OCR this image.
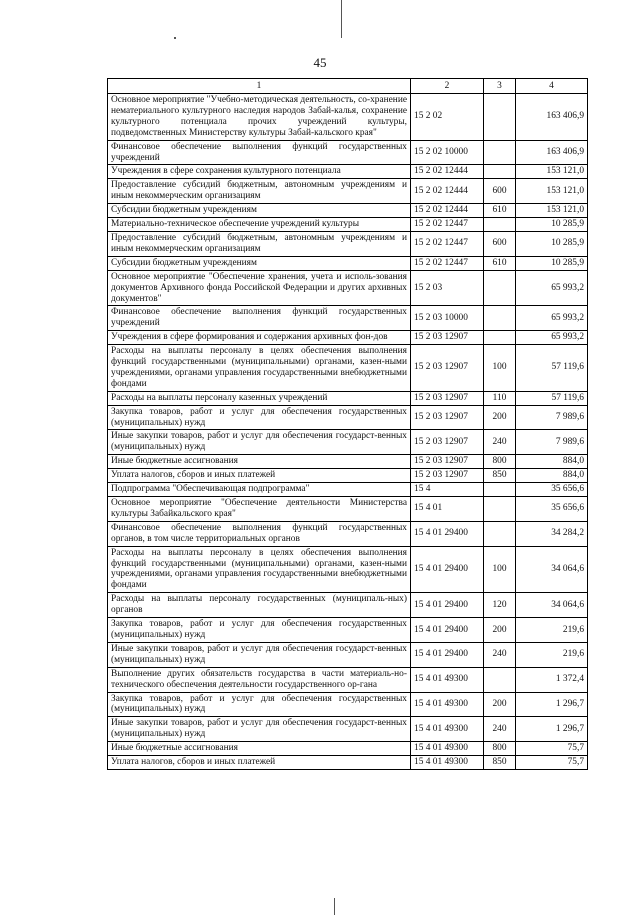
45
1	2	3	4
Основное мероприятие "Учебно-методическая деятельность, со-хранение нематериального культурного наследия народов Забай-калья, сохранение культурного потенциала прочих учреждений культуры, подведомственных Министерству культуры Забай-кальского края"	15 2 02		163 406,9
Финансовое обеспечение выполнения функций государственных учреждений	15 2 02 10000		163 406,9
Учреждения в сфере сохранения культурного потенциала	15 2 02 12444		153 121,0
Предоставление субсидий бюджетным, автономным учреждениям и иным некоммерческим организациям	15 2 02 12444	600	153 121,0
Субсидии бюджетным учреждениям	15 2 02 12444	610	153 121,0
Материально-техническое обеспечение учреждений культуры	15 2 02 12447		10 285,9
Предоставление субсидий бюджетным, автономным учреждениям и иным некоммерческим организациям	15 2 02 12447	600	10 285,9
Субсидии бюджетным учреждениям	15 2 02 12447	610	10 285,9
Основное мероприятие "Обеспечение хранения, учета и исполь-зования документов Архивного фонда Российской Федерации и других архивных документов"	15 2 03		65 993,2
Финансовое обеспечение выполнения функций государственных учреждений	15 2 03 10000		65 993,2
Учреждения в сфере формирования и содержания архивных фон-дов	15 2 03 12907		65 993,2
Расходы на выплаты персоналу в целях обеспечения выполнения функций государственными (муниципальными) органами, казен-ными учреждениями, органами управления государственными внебюджетными фондами	15 2 03 12907	100	57 119,6
Расходы на выплаты персоналу казенных учреждений	15 2 03 12907	110	57 119,6
Закупка товаров, работ и услуг для обеспечения государственных (муниципальных) нужд	15 2 03 12907	200	7 989,6
Иные закупки товаров, работ и услуг для обеспечения государст-венных (муниципальных) нужд	15 2 03 12907	240	7 989,6
Иные бюджетные ассигнования	15 2 03 12907	800	884,0
Уплата налогов, сборов и иных платежей	15 2 03 12907	850	884,0
Подпрограмма "Обеспечивающая подпрограмма"	15 4		35 656,6
Основное мероприятие "Обеспечение деятельности Министерства культуры Забайкальского края"	15 4 01		35 656,6
Финансовое обеспечение выполнения функций государственных органов, в том числе территориальных органов	15 4 01 29400		34 284,2
Расходы на выплаты персоналу в целях обеспечения выполнения функций государственными (муниципальными) органами, казен-ными учреждениями, органами управления государственными внебюджетными фондами	15 4 01 29400	100	34 064,6
Расходы на выплаты персоналу государственных (муниципаль-ных) органов	15 4 01 29400	120	34 064,6
Закупка товаров, работ и услуг для обеспечения государственных (муниципальных) нужд	15 4 01 29400	200	219,6
Иные закупки товаров, работ и услуг для обеспечения государст-венных (муниципальных) нужд	15 4 01 29400	240	219,6
Выполнение других обязательств государства в части материаль-но-технического обеспечения деятельности государственного ор-гана	15 4 01 49300		1 372,4
Закупка товаров, работ и услуг для обеспечения государственных (муниципальных) нужд	15 4 01 49300	200	1 296,7
Иные закупки товаров, работ и услуг для обеспечения государст-венных (муниципальных) нужд	15 4 01 49300	240	1 296,7
Иные бюджетные ассигнования	15 4 01 49300	800	75,7
Уплата налогов, сборов и иных платежей	15 4 01 49300	850	75,7
